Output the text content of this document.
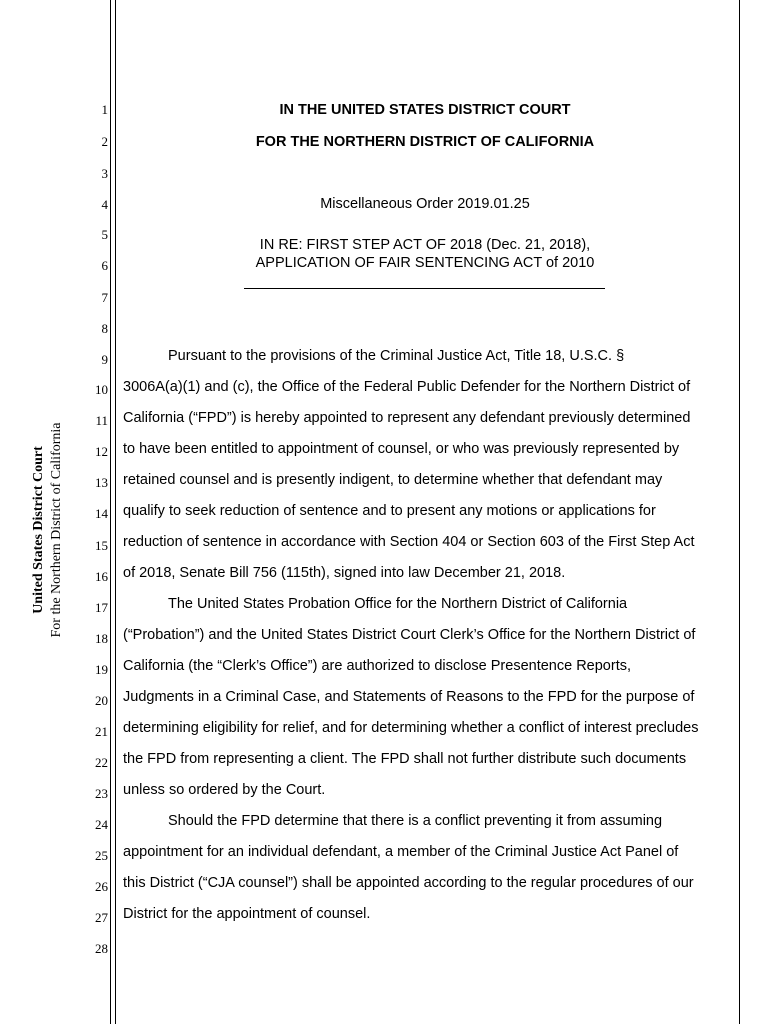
United States District Court For the Northern District of California
1
2
3
4
5
6
7
8
9
10
11
12
13
14
15
16
17
18
19
20
21
22
23
24
25
26
27
28
IN THE UNITED STATES DISTRICT COURT
FOR THE NORTHERN DISTRICT OF CALIFORNIA
Miscellaneous Order 2019.01.25
IN RE: FIRST STEP ACT OF 2018 (Dec. 21, 2018),
APPLICATION OF FAIR SENTENCING ACT of 2010
Pursuant to the provisions of the Criminal Justice Act, Title 18, U.S.C. §
3006A(a)(1) and (c), the Office of the Federal Public Defender for the Northern District of
California (“FPD”) is hereby appointed to represent any defendant previously determined
to have been entitled to appointment of counsel, or who was previously represented by
retained counsel and is presently indigent, to determine whether that defendant may
qualify to seek reduction of sentence and to present any motions or applications for
reduction of sentence in accordance with Section 404 or Section 603 of the First Step Act
of 2018, Senate Bill 756 (115th), signed into law December 21, 2018.
The United States Probation Office for the Northern District of California
(“Probation”) and the United States District Court Clerk’s Office for the Northern District of
California (the “Clerk’s Office”) are authorized to disclose Presentence Reports,
Judgments in a Criminal Case, and Statements of Reasons to the FPD for the purpose of
determining eligibility for relief, and for determining whether a conflict of interest precludes
the FPD from representing a client. The FPD shall not further distribute such documents
unless so ordered by the Court.
Should the FPD determine that there is a conflict preventing it from assuming
appointment for an individual defendant, a member of the Criminal Justice Act Panel of
this District (“CJA counsel”) shall be appointed according to the regular procedures of our
District for the appointment of counsel.
